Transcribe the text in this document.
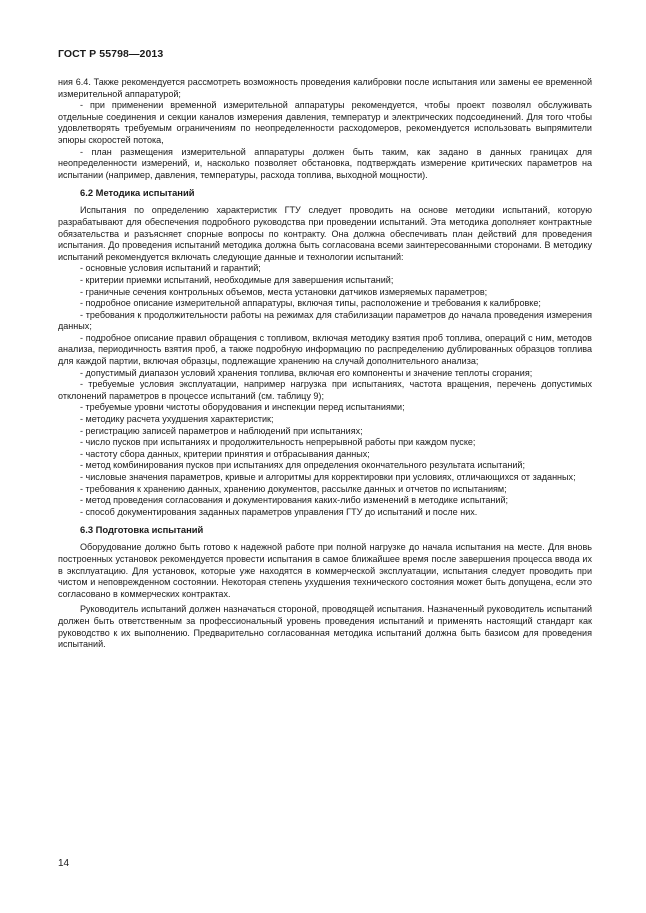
ГОСТ Р 55798—2013

ния 6.4. Также рекомендуется рассмотреть возможность проведения калибровки после испытания или замены ее временной измерительной аппаратурой;

- при применении временной измерительной аппаратуры рекомендуется, чтобы проект позволял обслуживать отдельные соединения и секции каналов измерения давления, температур и электрических подсоединений. Для того чтобы удовлетворять требуемым ограничениям по неопределенности расходомеров, рекомендуется использовать выпрямители эпюры скоростей потока,

- план размещения измерительной аппаратуры должен быть таким, как задано в данных границах для неопределенности измерений, и, насколько позволяет обстановка, подтверждать измерение критических параметров на испытании (например, давления, температуры, расхода топлива, выходной мощности).

6.2 Методика испытаний

Испытания по определению характеристик ГТУ следует проводить на основе методики испытаний, которую разрабатывают для обеспечения подробного руководства при проведении испытаний. Эта методика дополняет контрактные обязательства и разъясняет спорные вопросы по контракту. Она должна обеспечивать план действий для проведения испытания. До проведения испытаний методика должна быть согласована всеми заинтересованными сторонами. В методику испытаний рекомендуется включать следующие данные и технологии испытаний:

- основные условия испытаний и гарантий;
- критерии приемки испытаний, необходимые для завершения испытаний;
- граничные сечения контрольных объемов, места установки датчиков измеряемых параметров;
- подробное описание измерительной аппаратуры, включая типы, расположение и требования к калибровке;
- требования к продолжительности работы на режимах для стабилизации параметров до начала проведения измерения данных;
- подробное описание правил обращения с топливом, включая методику взятия проб топлива, операций с ним, методов анализа, периодичность взятия проб, а также подробную информацию по распределению дублированных образцов топлива для каждой партии, включая образцы, подлежащие хранению на случай дополнительного анализа;
- допустимый диапазон условий хранения топлива, включая его компоненты и значение теплоты сгорания;
- требуемые условия эксплуатации, например нагрузка при испытаниях, частота вращения, перечень допустимых отклонений параметров в процессе испытаний (см. таблицу 9);
- требуемые уровни чистоты оборудования и инспекции перед испытаниями;
- методику расчета ухудшения характеристик;
- регистрацию записей параметров и наблюдений при испытаниях;
- число пусков при испытаниях и продолжительность непрерывной работы при каждом пуске;
- частоту сбора данных, критерии принятия и отбрасывания данных;
- метод комбинирования пусков при испытаниях для определения окончательного результата испытаний;
- числовые значения параметров, кривые и алгоритмы для корректировки при условиях, отличающихся от заданных;
- требования к хранению данных, хранению документов, рассылке данных и отчетов по испытаниям;
- метод проведения согласования и документирования каких-либо изменений в методике испытаний;
- способ документирования заданных параметров управления ГТУ до испытаний и после них.
6.3 Подготовка испытаний

Оборудование должно быть готово к надежной работе при полной нагрузке до начала испытания на месте. Для вновь построенных установок рекомендуется провести испытания в самое ближайшее время после завершения процесса ввода их в эксплуатацию. Для установок, которые уже находятся в коммерческой эксплуатации, испытания следует проводить при чистом и неповрежденном состоянии. Некоторая степень ухудшения технического состояния может быть допущена, если это согласовано в коммерческих контрактах.

Руководитель испытаний должен назначаться стороной, проводящей испытания. Назначенный руководитель испытаний должен быть ответственным за профессиональный уровень проведения испытаний и применять настоящий стандарт как руководство к их выполнению. Предварительно согласованная методика испытаний должна быть базисом для проведения испытаний.

14
